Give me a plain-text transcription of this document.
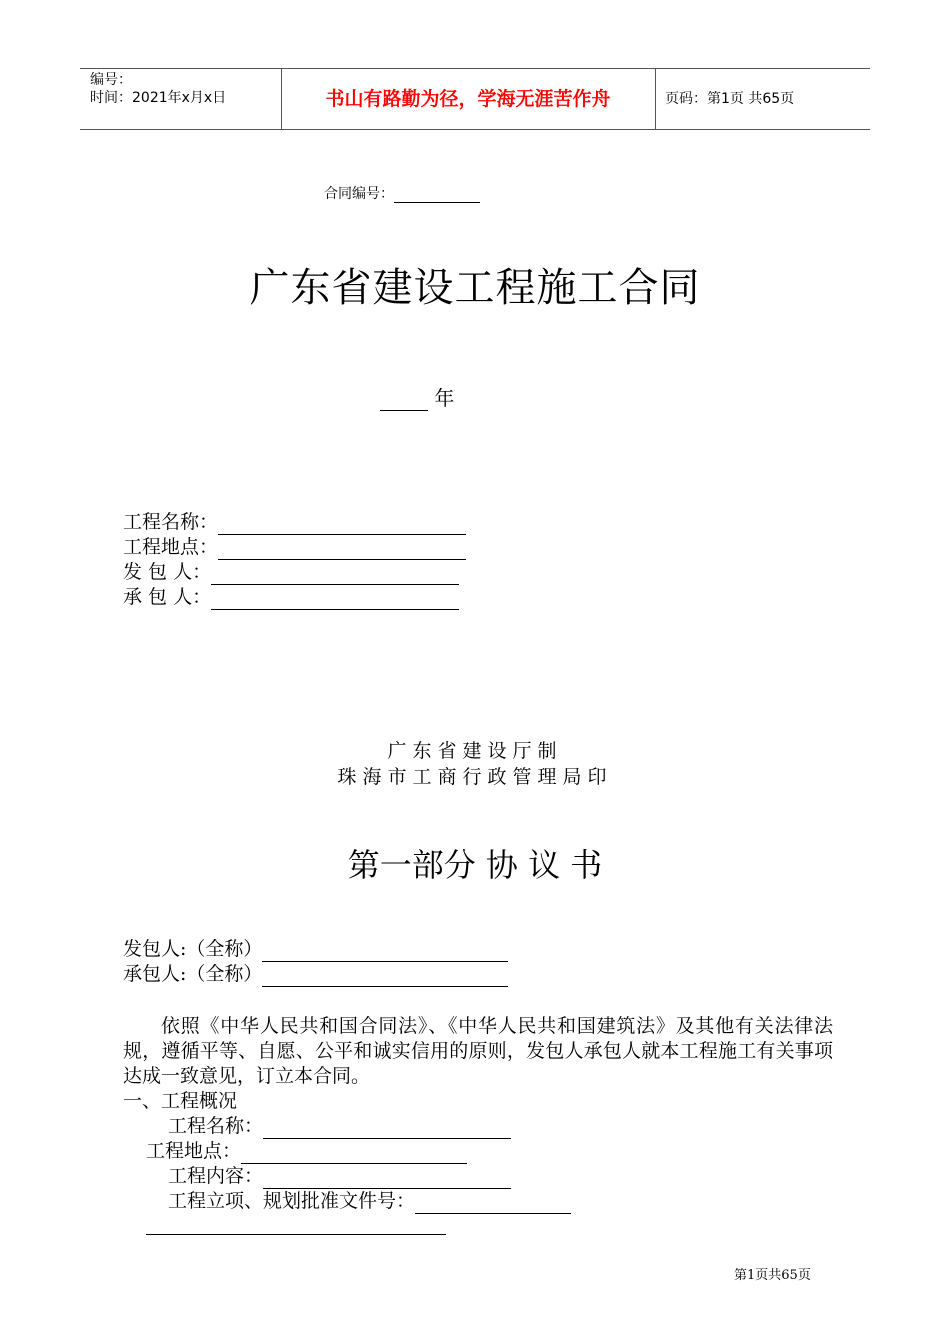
编号：
时间：2021年x月x日	书山有路勤为径，学海无涯苦作舟	页码：第1页 共65页
合同编号：
广东省建设工程施工合同
年
工程名称：
工程地点：
发 包 人：
承 包 人：
广东省建设厅制
珠海市工商行政管理局印
第一部分 协 议 书
发包人:（全称）
承包人:（全称）
依照《中华人民共和国合同法》、《中华人民共和国建筑法》及其他有关法律法规，遵循平等、自愿、公平和诚实信用的原则，发包人承包人就本工程施工有关事项达成一致意见，订立本合同。
一、工程概况
工程名称：
工程地点：
工程内容：
工程立项、规划批准文件号：
第1页共65页
